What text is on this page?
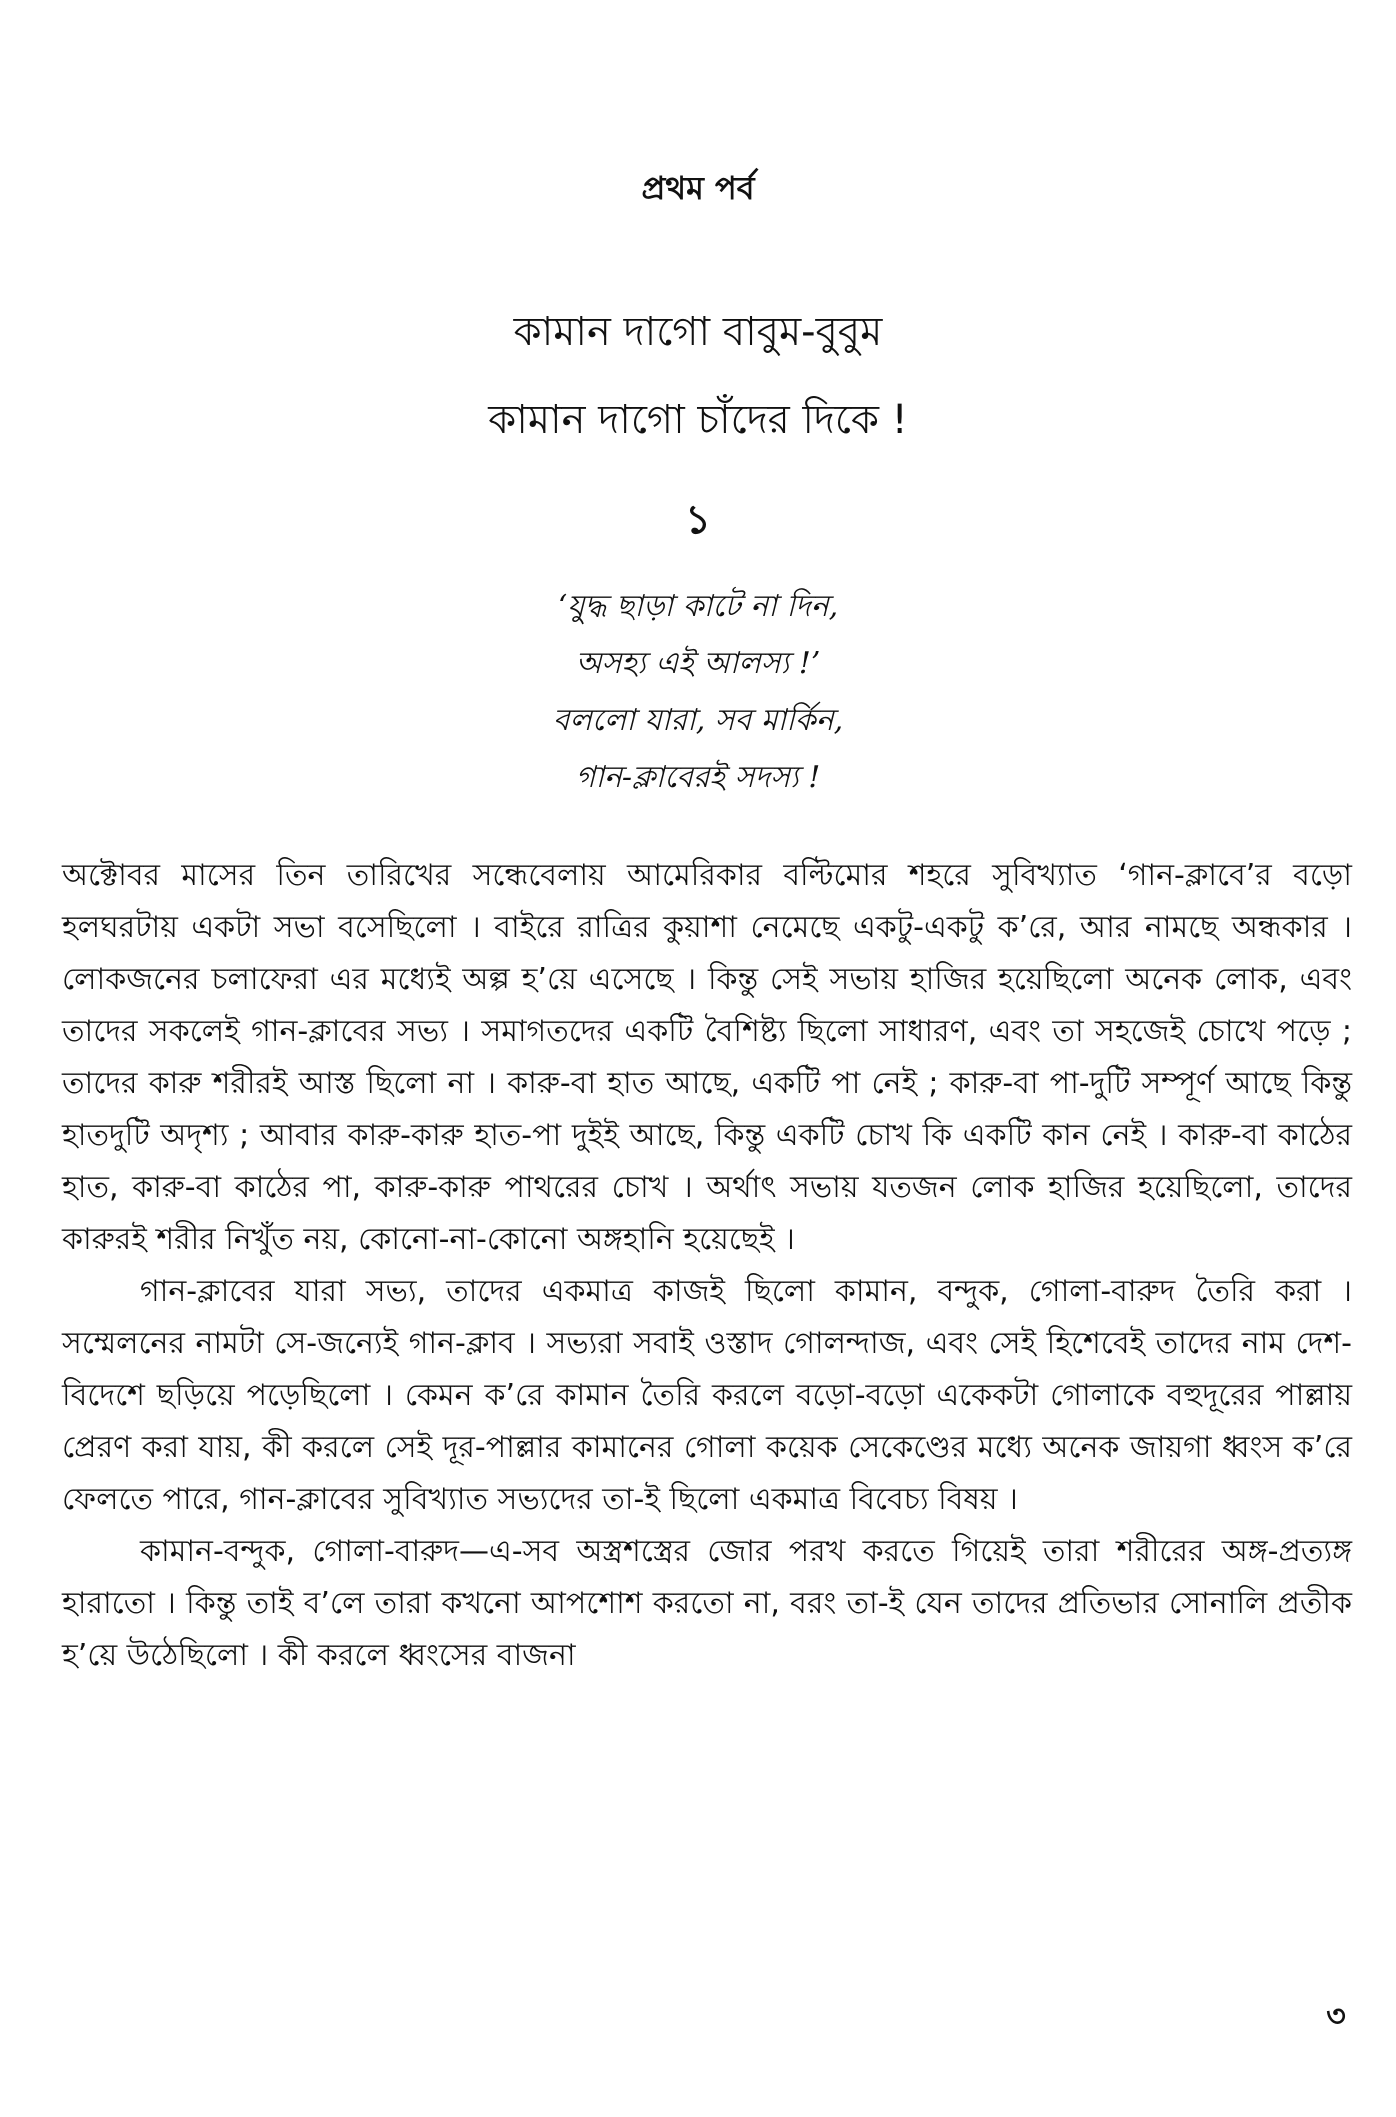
প্রথম পর্ব
কামান দাগো বাবুম-বুবুম
কামান দাগো চাঁদের দিকে !
১
‘যুদ্ধ ছাড়া কাটে না দিন,
অসহ্য এই আলস্য !’
বললো যারা, সব মার্কিন,
গান-ক্লাবেরই সদস্য !

অক্টোবর মাসের তিন তারিখের সন্ধেবেলায় আমেরিকার বল্টিমোর শহরে সুবিখ্যাত ‘গান-ক্লাবে’র বড়ো হলঘরটায় একটা সভা বসেছিলো । বাইরে রাত্রির কুয়াশা নেমেছে একটু-একটু ক’রে, আর নামছে অন্ধকার । লোকজনের চলাফেরা এর মধ্যেই অল্প হ’য়ে এসেছে । কিন্তু সেই সভায় হাজির হয়েছিলো অনেক লোক, এবং তাদের সকলেই গান-ক্লাবের সভ্য । সমাগতদের একটি বৈশিষ্ট্য ছিলো সাধারণ, এবং তা সহজেই চোখে পড়ে ; তাদের কারু শরীরই আস্ত ছিলো না । কারু-বা হাত আছে, একটি পা নেই ; কারু-বা পা-দুটি সম্পূর্ণ আছে কিন্তু হাতদুটি অদৃশ্য ; আবার কারু-কারু হাত-পা দুইই আছে, কিন্তু একটি চোখ কি একটি কান নেই । কারু-বা কাঠের হাত, কারু-বা কাঠের পা, কারু-কারু পাথরের চোখ । অর্থাৎ সভায় যতজন লোক হাজির হয়েছিলো, তাদের কারুরই শরীর নিখুঁত নয়, কোনো-না-কোনো অঙ্গহানি হয়েছেই ।

গান-ক্লাবের যারা সভ্য, তাদের একমাত্র কাজই ছিলো কামান, বন্দুক, গোলা-বারুদ তৈরি করা । সম্মেলনের নামটা সে-জন্যেই গান-ক্লাব । সভ্যরা সবাই ওস্তাদ গোলন্দাজ, এবং সেই হিশেবেই তাদের নাম দেশ-বিদেশে ছড়িয়ে পড়েছিলো । কেমন ক’রে কামান তৈরি করলে বড়ো-বড়ো একেকটা গোলাকে বহুদূরের পাল্লায় প্রেরণ করা যায়, কী করলে সেই দূর-পাল্লার কামানের গোলা কয়েক সেকেণ্ডের মধ্যে অনেক জায়গা ধ্বংস ক’রে ফেলতে পারে, গান-ক্লাবের সুবিখ্যাত সভ্যদের তা-ই ছিলো একমাত্র বিবেচ্য বিষয় ।

কামান-বন্দুক, গোলা-বারুদ—এ-সব অস্ত্রশস্ত্রের জোর পরখ করতে গিয়েই তারা শরীরের অঙ্গ-প্রত্যঙ্গ হারাতো । কিন্তু তাই ব’লে তারা কখনো আপশোশ করতো না, বরং তা-ই যেন তাদের প্রতিভার সোনালি প্রতীক হ’য়ে উঠেছিলো । কী করলে ধ্বংসের বাজনা

৩
